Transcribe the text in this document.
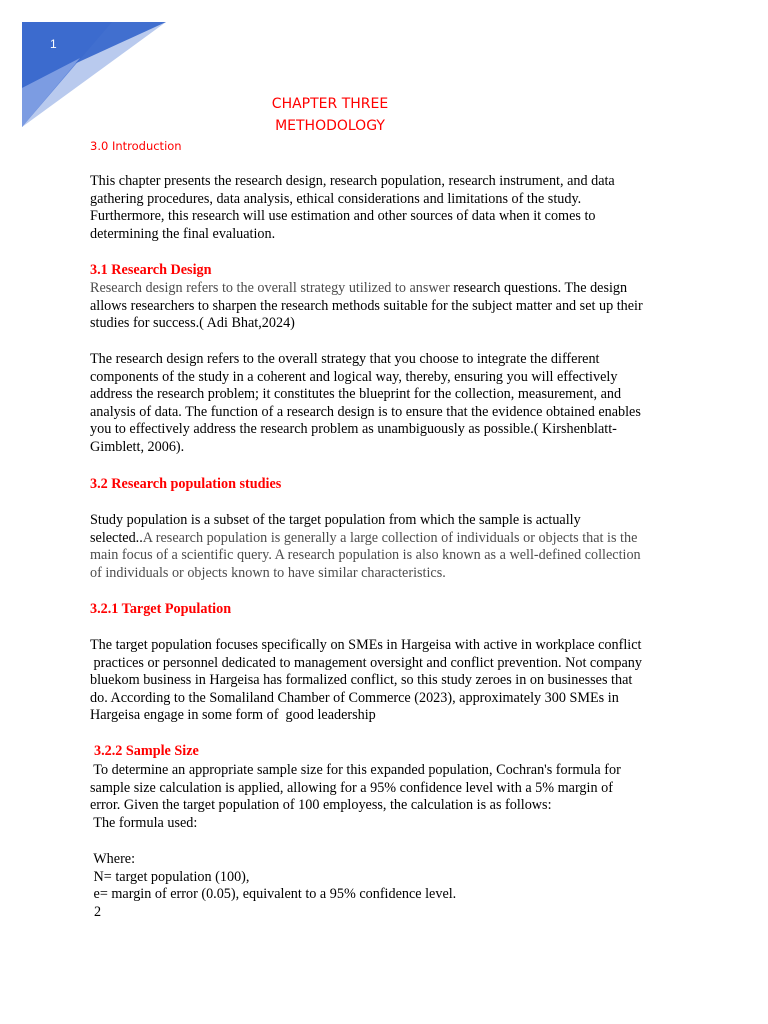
1
CHAPTER THREE
METHODOLOGY
3.0 Introduction
This chapter presents the research design, research population, research instrument, and data
gathering procedures, data analysis, ethical considerations and limitations of the study.
Furthermore, this research will use estimation and other sources of data when it comes to
determining the final evaluation.
3.1 Research Design
Research design refers to the overall strategy utilized to answer research questions. The design
allows researchers to sharpen the research methods suitable for the subject matter and set up their
studies for success.( Adi Bhat,2024)
The research design refers to the overall strategy that you choose to integrate the different
components of the study in a coherent and logical way, thereby, ensuring you will effectively
address the research problem; it constitutes the blueprint for the collection, measurement, and
analysis of data. The function of a research design is to ensure that the evidence obtained enables
you to effectively address the research problem as unambiguously as possible.( Kirshenblatt-
Gimblett, 2006).
3.2 Research population studies
Study population is a subset of the target population from which the sample is actually
selected..A research population is generally a large collection of individuals or objects that is the
main focus of a scientific query. A research population is also known as a well-defined collection
of individuals or objects known to have similar characteristics.
3.2.1 Target Population
The target population focuses specifically on SMEs in Hargeisa with active in workplace conflict
practices or personnel dedicated to management oversight and conflict prevention. Not company
bluekom business in Hargeisa has formalized conflict, so this study zeroes in on businesses that
do. According to the Somaliland Chamber of Commerce (2023), approximately 300 SMEs in
Hargeisa engage in some form of  good leadership
3.2.2 Sample Size
To determine an appropriate sample size for this expanded population, Cochran's formula for
sample size calculation is applied, allowing for a 95% confidence level with a 5% margin of
error. Given the target population of 100 employess, the calculation is as follows:
The formula used:
Where:
N= target population (100),
e= margin of error (0.05), equivalent to a 95% confidence level.
2
